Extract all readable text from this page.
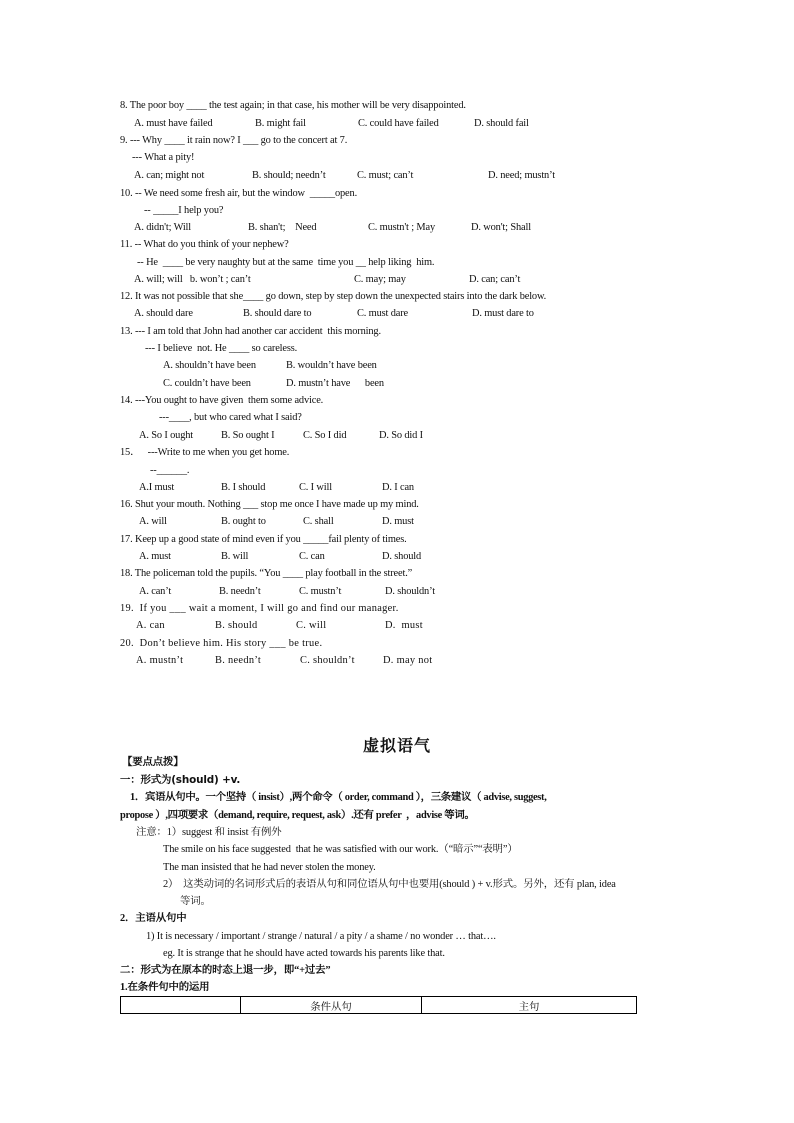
8. The poor boy ____ the test again; in that case, his mother will be very disappointed.
A. must have failed	B. might fail	C. could have failed	D. should fail
9. --- Why ____ it rain now? I ___ go to the concert at 7.
--- What a pity!
A. can; might not	B. should; needn’t	C. must; can’t	D. need; mustn’t
10. -- We need some fresh air, but the window  _____open.
-- _____I help you?
A. didn't; Will	B. shan't;    Need	C. mustn't ; May	D. won't; Shall
11. -- What do you think of your nephew?
-- He  ____ be very naughty but at the same  time you __ help liking  him.
A. will; will   b. won’t ; can’t	C. may; may	D. can; can’t
12. It was not possible that she____ go down, step by step down the unexpected stairs into the dark below.
A. should dare	B. should dare to	C. must dare	D. must dare to
13. --- I am told that John had another car accident  this morning.
--- I believe  not. He ____ so careless.
A. shouldn’t have been	B. wouldn’t have been
C. couldn’t have been	D. mustn’t have      been
14. ---You ought to have given  them some advice.
---____, but who cared what I said?
A. So I ought	B. So ought I	C. So I did	D. So did I
15．   ---Write to me when you get home.
--______.
A.I must	B. I should	C. I will	D. I can
16. Shut your mouth. Nothing ___ stop me once I have made up my mind.
A. will	B. ought to	C. shall	D. must
17. Keep up a good state of mind even if you _____fail plenty of times.
A. must	B. will	C. can	D. should
18. The policeman told the pupils. “You ____ play football in the street.”
A. can’t	B. needn’t	C. mustn’t	D. shouldn’t
19.  If you ___ wait a moment, I will go and find our manager.
A. can	B. should	C. will	D.  must
20.  Don’t believe him. His story ___ be true.
A. mustn’t	B. needn’t	C. shouldn’t	D. may not
虚拟语气
【要点点拨】
一：形式为(should) +v.
1．宾语从句中。一个坚持（ insist）,两个命令（ order, command ），三条建议（ advise, suggest,
propose ）,四项要求（demand, require, request, ask）.还有 prefer  ，advise 等词。
注意：1）suggest 和 insist 有例外
The smile on his face suggested  that he was satisfied with our work.（“暗示”“表明”）
The man insisted that he had never stolen the money.
2）  这类动词的名词形式后的表语从句和同位语从句中也要用(should ) + v.形式。另外，还有 plan, idea
等词。
2．主语从句中
1) It is necessary / important / strange / natural / a pity / a shame / no wonder … that….
eg. It is strange that he should have acted towards his parents like that.
二：形式为在原本的时态上退一步，即“+过去”
1.在条件句中的运用
	条件从句	主句
